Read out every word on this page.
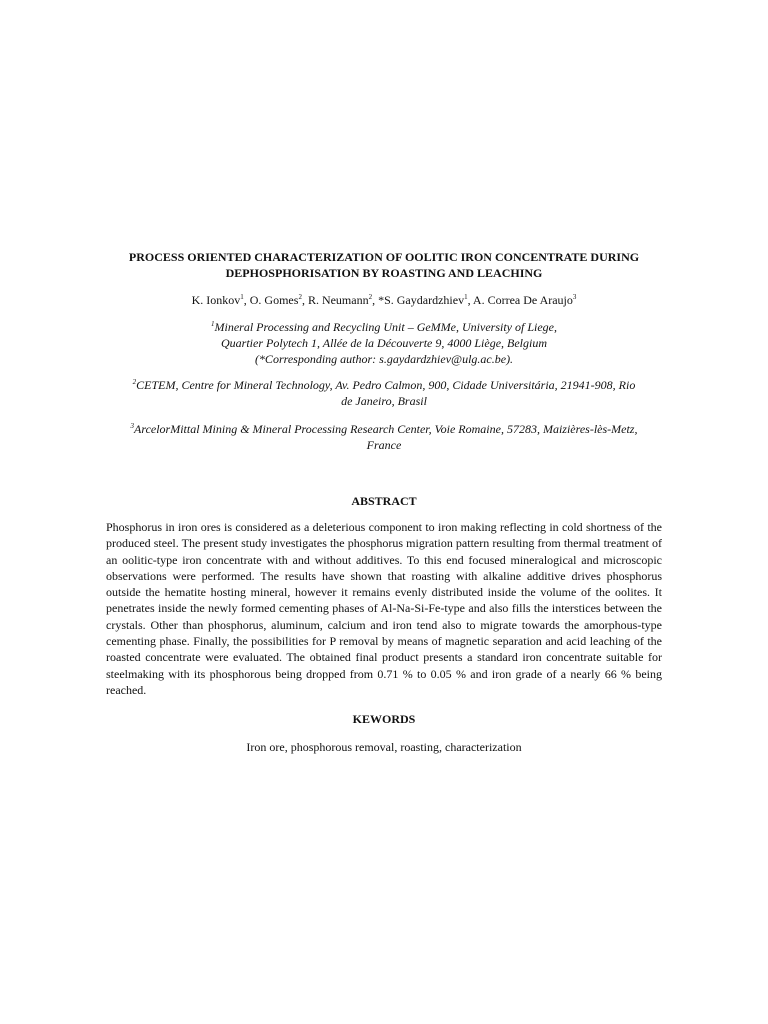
PROCESS ORIENTED CHARACTERIZATION OF OOLITIC IRON CONCENTRATE DURING
DEPHOSPHORISATION BY ROASTING AND LEACHING

K. Ionkov$^1$, O. Gomes$^2$, R. Neumann$^2$, *S. Gaydardzhiev$^1$, A. Correa De Araujo$^3$

$^1$Mineral Processing and Recycling Unit – GeMMe, University of Liege,
Quartier Polytech 1, Allée de la Découverte 9, 4000 Liège, Belgium
(*Corresponding author: s.gaydardzhiev@ulg.ac.be).

$^2$CETEM, Centre for Mineral Technology, Av. Pedro Calmon, 900, Cidade Universitária, 21941-908, Rio
de Janeiro, Brasil

$^3$ArcelorMittal Mining & Mineral Processing Research Center, Voie Romaine, 57283, Maizières-lès-Metz,
France

ABSTRACT

Phosphorus in iron ores is considered as a deleterious component to iron making reflecting in cold shortness of the produced steel. The present study investigates the phosphorus migration pattern resulting from thermal treatment of an oolitic-type iron concentrate with and without additives. To this end focused mineralogical and microscopic observations were performed. The results have shown that roasting with alkaline additive drives phosphorus outside the hematite hosting mineral, however it remains evenly distributed inside the volume of the oolites. It penetrates inside the newly formed cementing phases of Al-Na-Si-Fe-type and also fills the interstices between the crystals. Other than phosphorus, aluminum, calcium and iron tend also to migrate towards the amorphous-type cementing phase. Finally, the possibilities for P removal by means of magnetic separation and acid leaching of the roasted concentrate were evaluated. The obtained final product presents a standard iron concentrate suitable for steelmaking with its phosphorous being dropped from 0.71 % to 0.05 % and iron grade of a nearly 66 % being reached.

KEWORDS

Iron ore, phosphorous removal, roasting, characterization
